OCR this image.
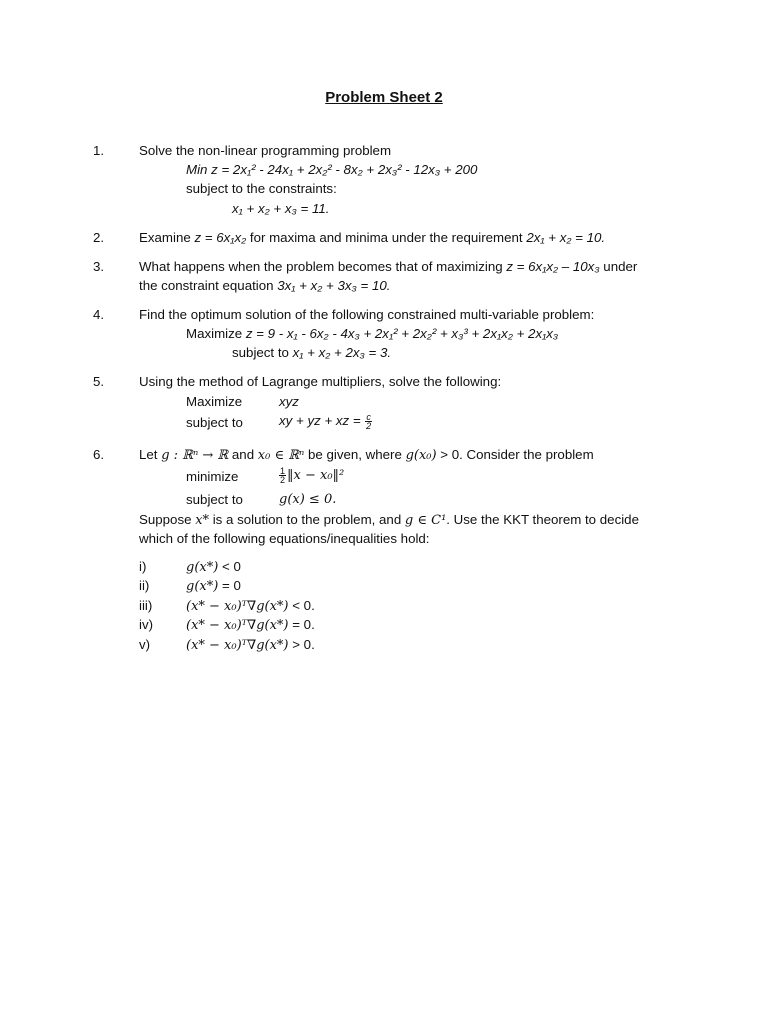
Problem Sheet 2
1.	Solve the non-linear programming problem
Min z = 2x₁² - 24x₁ + 2x₂² - 8x₂ + 2x₃² - 12x₃ + 200
subject to the constraints:
x₁ + x₂ + x₃ = 11.
2.	Examine z = 6x₁x₂ for maxima and minima under the requirement 2x₁ + x₂ = 10.
3.	What happens when the problem becomes that of maximizing z = 6x₁x₂ – 10x₃ under
the constraint equation 3x₁ + x₂ + 3x₃ = 10.
4.	Find the optimum solution of the following constrained multi-variable problem:
Maximize z = 9 - x₁ - 6x₂ - 4x₃ + 2x₁² + 2x₂² + x₃³ + 2x₁x₂ + 2x₁x₃
subject to x₁ + x₂ + 2x₃ = 3.
5.	Using the method of Lagrange multipliers, solve the following:
Maximize	xyz
subject to	xy + yz + xz = $\frac{c}{2}$
6.	Let g : ℝⁿ → ℝ and x₀ ∈ ℝⁿ be given, where g(x₀) > 0. Consider the problem
minimize	$\frac{1}{2}$ ‖x − x₀‖²
subject to	g(x) ≤ 0.
Suppose x* is a solution to the problem, and g ∈ C¹. Use the KKT theorem to decide
which of the following equations/inequalities hold:
i)	g(x*) < 0
ii)	g(x*) = 0
iii)	(x* − x₀)ᵀ∇g(x*) < 0.
iv)	(x* − x₀)ᵀ∇g(x*) = 0.
v)	(x* − x₀)ᵀ∇g(x*) > 0.
